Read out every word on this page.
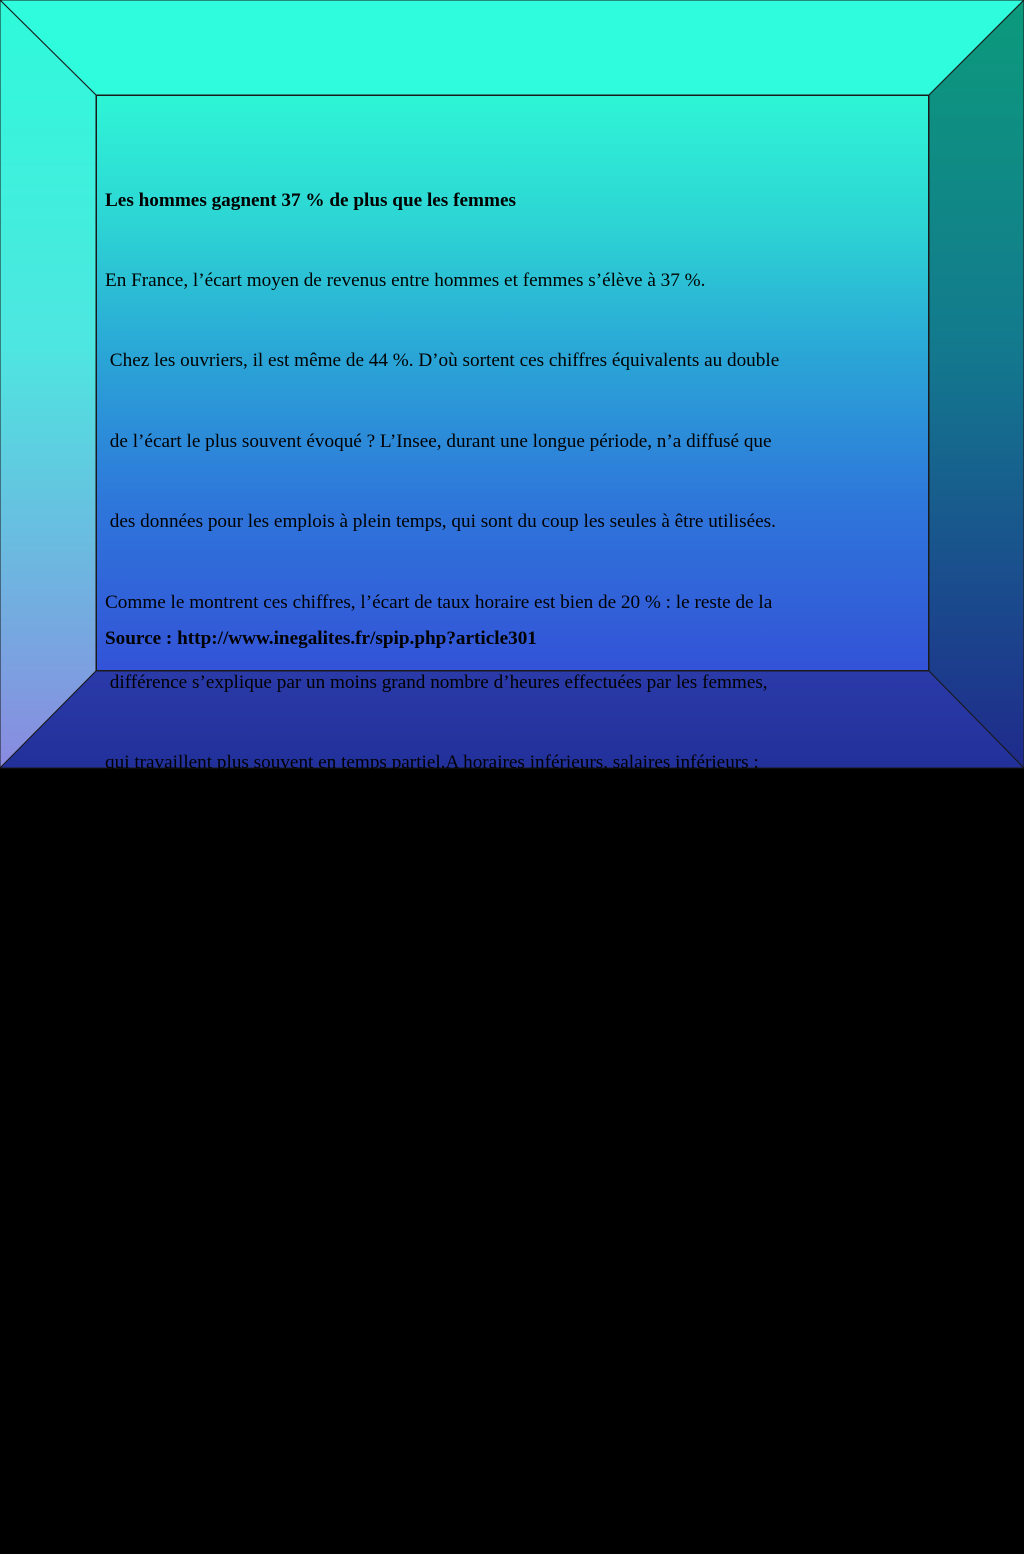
Les hommes gagnent 37 % de plus que les femmes

En France, l’écart moyen de revenus entre hommes et femmes s’élève à 37 %.

Chez les ouvriers, il est même de 44 %. D’où sortent ces chiffres équivalents au double

de l’écart le plus souvent évoqué ? L’Insee, durant une longue période, n’a diffusé que

des données pour les emplois à plein temps, qui sont du coup les seules à être utilisées.

Comme le montrent ces chiffres, l’écart de taux horaire est bien de 20 % : le reste de la

différence s’explique par un moins grand nombre d’heures effectuées par les femmes,

qui travaillent plus souvent en temps partiel.A horaires inférieurs, salaires inférieurs :

rien ne semble plus logique que de raisonner en temps plein. Au nom de cette logique

on en oublie pourtant les salaires mensuels effectivement reçus, quel que soit l’horaire

de travail. Plus du quart des emplois féminins en temps partiel sont occupés faute de

mieux (temps partiel subi), par des femmes qui souhaiteraient travailler davantage pour

améliorer leurs revenus mensuels. Au final, si à temps de travail équivalent l’écart est

bien de 20 %, celui-ci est deux fois plus important tous horaires confondus.

Plus on s’élève dans la hiérarchie des salaires, plus l’inégalité entre hommes et femmes

est forte : les moins bien payées touchent 91 % du niveau de salaire des hommes,

alors que les 10 % les mieux rémunérées n’en perçoivent que 75 %.

Source : http://www.inegalites.fr/spip.php?article301
